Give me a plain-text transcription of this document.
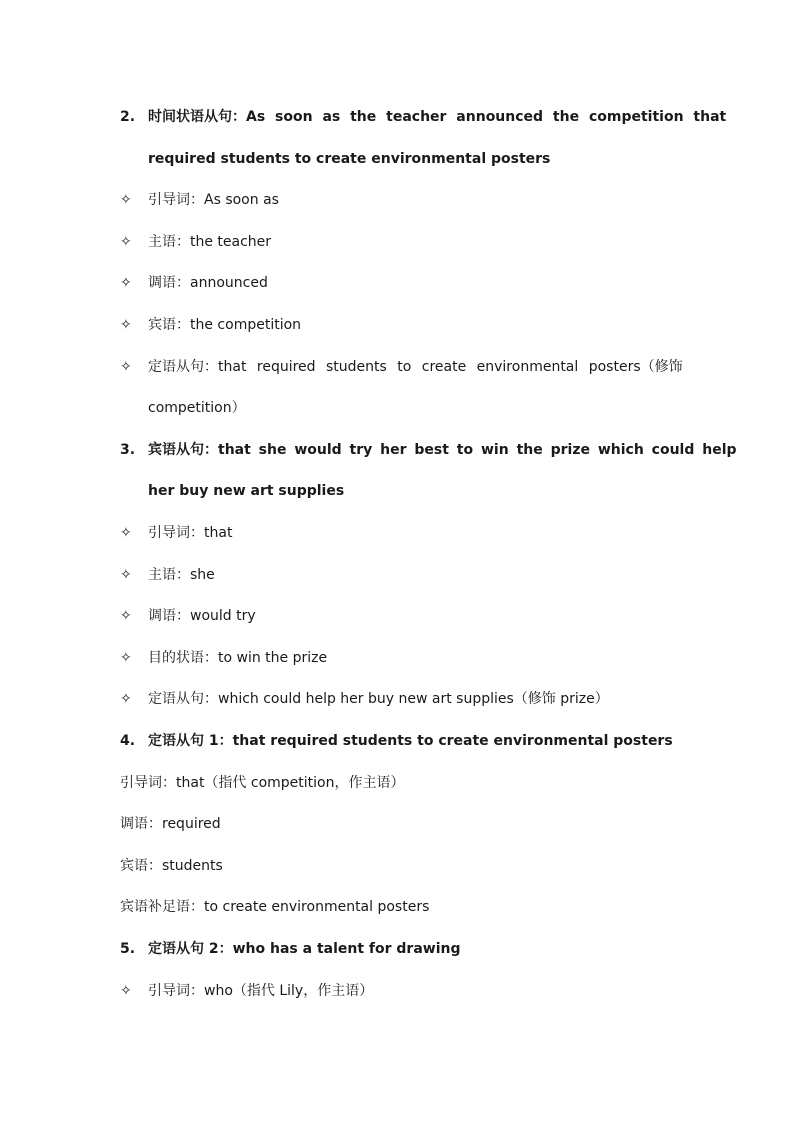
2. 时间状语从句：As soon as the teacher announced the competition that
required students to create environmental posters
✧ 引导词：As soon as
✧ 主语：the teacher
✧ 调语：announced
✧ 宾语：the competition
✧ 定语从句：that required students to create environmental posters（修饰
competition）
3. 宾语从句：that she would try her best to win the prize which could help
her buy new art supplies
✧ 引导词：that
✧ 主语：she
✧ 调语：would try
✧ 目的状语：to win the prize
✧ 定语从句：which could help her buy new art supplies（修饰 prize）
4. 定语从句 1：that required students to create environmental posters
引导词：that（指代 competition，作主语）
调语：required
宾语：students
宾语补足语：to create environmental posters
5. 定语从句 2：who has a talent for drawing
✧ 引导词：who（指代 Lily，作主语）
